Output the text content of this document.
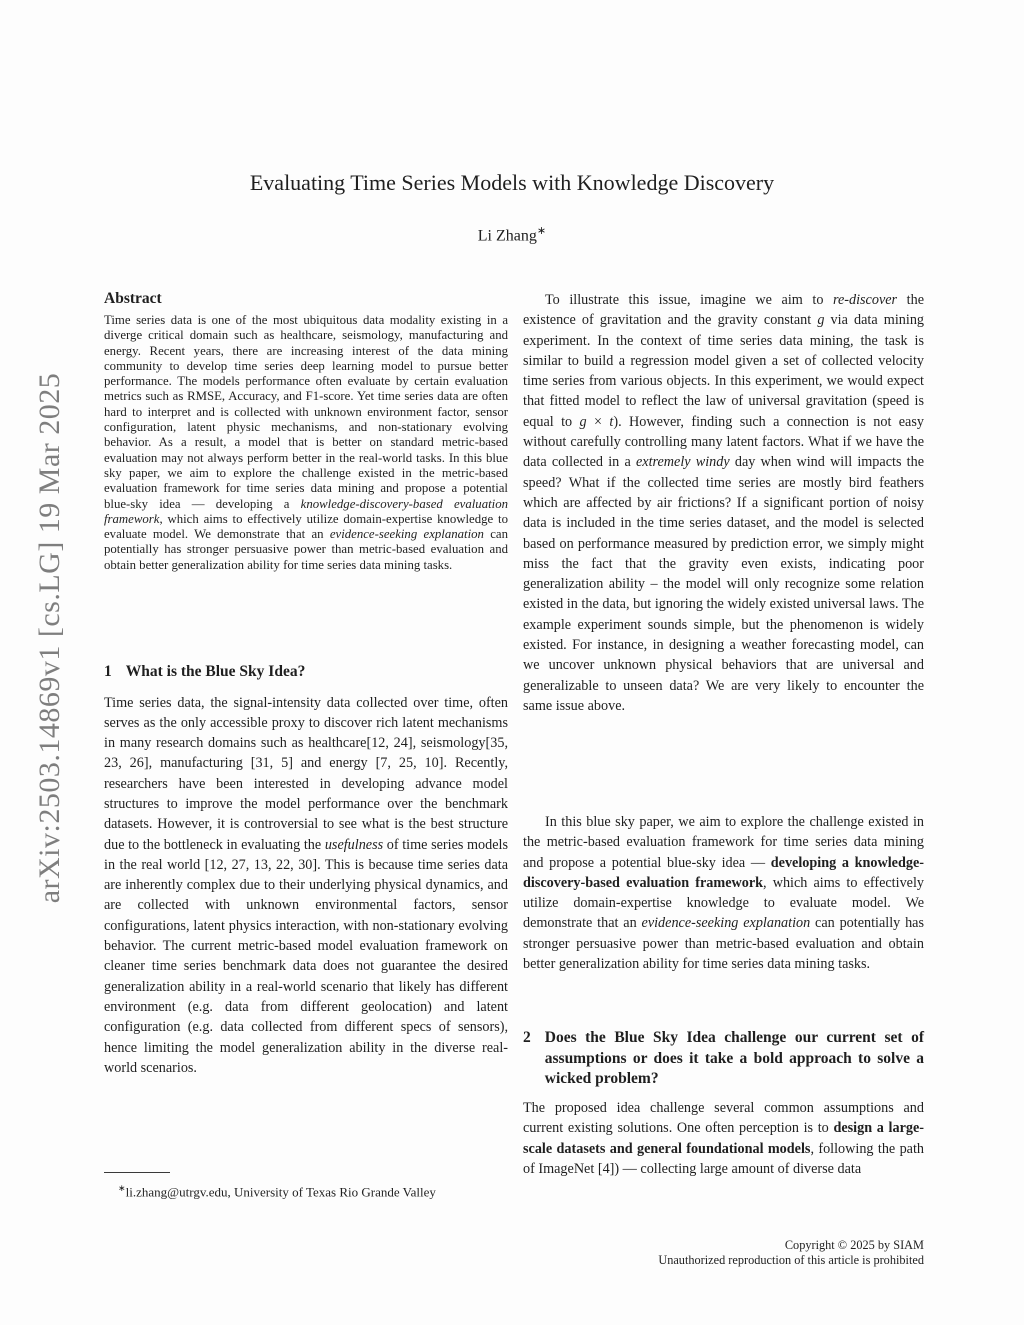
arXiv:2503.14869v1 [cs.LG] 19 Mar 2025
Evaluating Time Series Models with Knowledge Discovery
Li Zhang∗
Abstract
Time series data is one of the most ubiquitous data modality existing in a diverge critical domain such as healthcare, seismology, manufacturing and energy. Recent years, there are increasing interest of the data mining community to develop time series deep learning model to pursue better performance. The models performance often evaluate by certain evaluation metrics such as RMSE, Accuracy, and F1-score. Yet time series data are often hard to interpret and is collected with unknown environment factor, sensor configuration, latent physic mechanisms, and non-stationary evolving behavior. As a result, a model that is better on standard metric-based evaluation may not always perform better in the real-world tasks. In this blue sky paper, we aim to explore the challenge existed in the metric-based evaluation framework for time series data mining and propose a potential blue-sky idea — developing a knowledge-discovery-based evaluation framework, which aims to effectively utilize domain-expertise knowledge to evaluate model. We demonstrate that an evidence-seeking explanation can potentially has stronger persuasive power than metric-based evaluation and obtain better generalization ability for time series data mining tasks.
1 What is the Blue Sky Idea?
Time series data, the signal-intensity data collected over time, often serves as the only accessible proxy to discover rich latent mechanisms in many research domains such as healthcare[12, 24], seismology[35, 23, 26], manufacturing [31, 5] and energy [7, 25, 10]. Recently, researchers have been interested in developing advance model structures to improve the model performance over the benchmark datasets. However, it is controversial to see what is the best structure due to the bottleneck in evaluating the usefulness of time series models in the real world [12, 27, 13, 22, 30]. This is because time series data are inherently complex due to their underlying physical dynamics, and are collected with unknown environmental factors, sensor configurations, latent physics interaction, with non-stationary evolving behavior. The current metric-based model evaluation framework on cleaner time series benchmark data does not guarantee the desired generalization ability in a real-world scenario that likely has different environment (e.g. data from different geolocation) and latent configuration (e.g. data collected from different specs of sensors), hence limiting the model generalization ability in the diverse real-world scenarios.
∗li.zhang@utrgv.edu, University of Texas Rio Grande Valley
To illustrate this issue, imagine we aim to re-discover the existence of gravitation and the gravity constant g via data mining experiment. In the context of time series data mining, the task is similar to build a regression model given a set of collected velocity time series from various objects. In this experiment, we would expect that fitted model to reflect the law of universal gravitation (speed is equal to g × t). However, finding such a connection is not easy without carefully controlling many latent factors. What if we have the data collected in a extremely windy day when wind will impacts the speed? What if the collected time series are mostly bird feathers which are affected by air frictions? If a significant portion of noisy data is included in the time series dataset, and the model is selected based on performance measured by prediction error, we simply might miss the fact that the gravity even exists, indicating poor generalization ability – the model will only recognize some relation existed in the data, but ignoring the widely existed universal laws. The example experiment sounds simple, but the phenomenon is widely existed. For instance, in designing a weather forecasting model, can we uncover unknown physical behaviors that are universal and generalizable to unseen data? We are very likely to encounter the same issue above.
In this blue sky paper, we aim to explore the challenge existed in the metric-based evaluation framework for time series data mining and propose a potential blue-sky idea — developing a knowledge-discovery-based evaluation framework, which aims to effectively utilize domain-expertise knowledge to evaluate model. We demonstrate that an evidence-seeking explanation can potentially has stronger persuasive power than metric-based evaluation and obtain better generalization ability for time series data mining tasks.
2 Does the Blue Sky Idea challenge our current set of assumptions or does it take a bold approach to solve a wicked problem?
The proposed idea challenge several common assumptions and current existing solutions. One often perception is to design a large-scale datasets and general foundational models, following the path of ImageNet [4]) — collecting large amount of diverse data
Copyright © 2025 by SIAM
Unauthorized reproduction of this article is prohibited
